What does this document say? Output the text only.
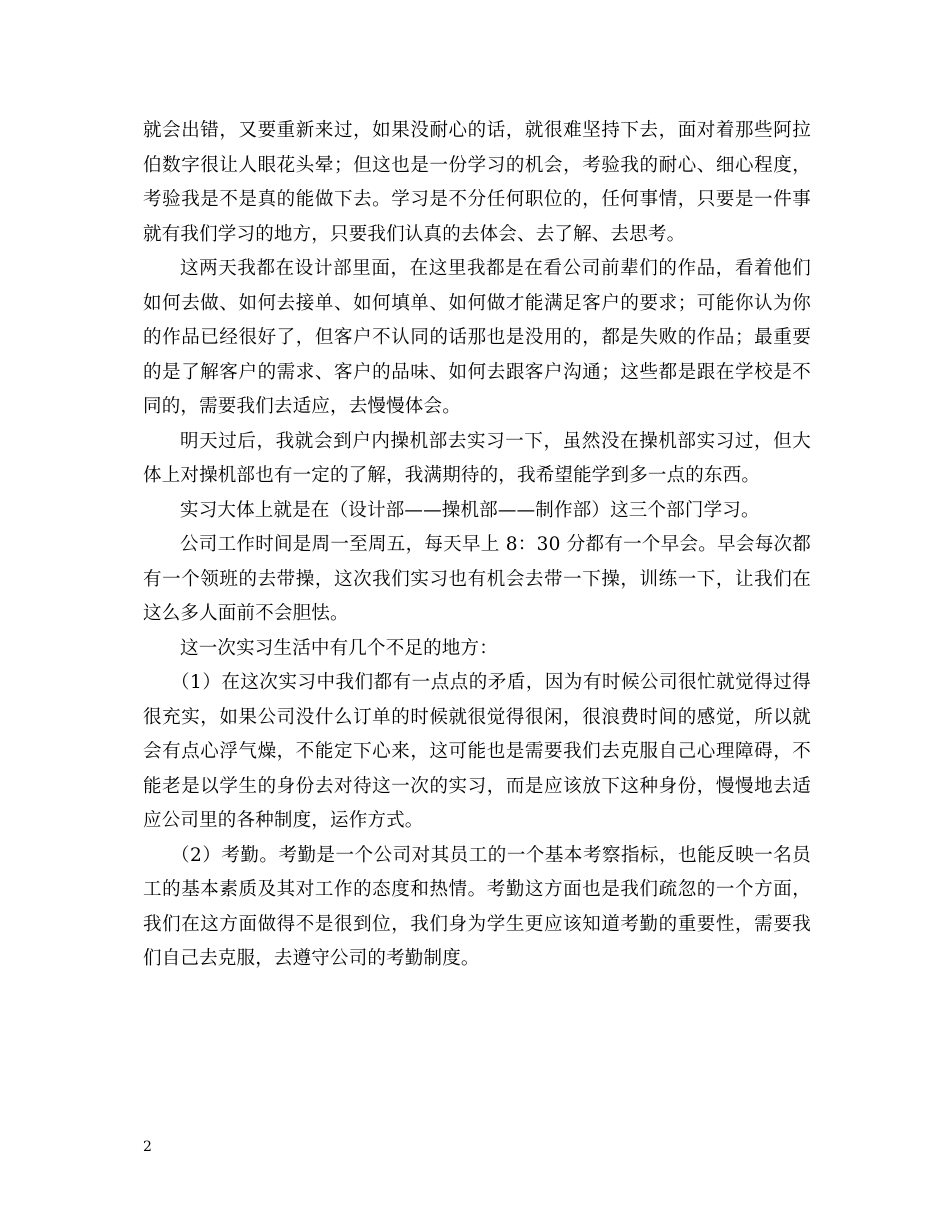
就会出错，又要重新来过，如果没耐心的话，就很难坚持下去，面对着那些阿拉伯数字很让人眼花头晕；但这也是一份学习的机会，考验我的耐心、细心程度，考验我是不是真的能做下去。学习是不分任何职位的，任何事情，只要是一件事就有我们学习的地方，只要我们认真的去体会、去了解、去思考。

这两天我都在设计部里面，在这里我都是在看公司前辈们的作品，看着他们如何去做、如何去接单、如何填单、如何做才能满足客户的要求；可能你认为你的作品已经很好了，但客户不认同的话那也是没用的，都是失败的作品；最重要的是了解客户的需求、客户的品味、如何去跟客户沟通；这些都是跟在学校是不同的，需要我们去适应，去慢慢体会。

明天过后，我就会到户内操机部去实习一下，虽然没在操机部实习过，但大体上对操机部也有一定的了解，我满期待的，我希望能学到多一点的东西。

实习大体上就是在（设计部——操机部——制作部）这三个部门学习。

公司工作时间是周一至周五，每天早上 8：30 分都有一个早会。早会每次都有一个领班的去带操，这次我们实习也有机会去带一下操，训练一下，让我们在这么多人面前不会胆怯。

这一次实习生活中有几个不足的地方：

（1）在这次实习中我们都有一点点的矛盾，因为有时候公司很忙就觉得过得很充实，如果公司没什么订单的时候就很觉得很闲，很浪费时间的感觉，所以就会有点心浮气燥，不能定下心来，这可能也是需要我们去克服自己心理障碍，不能老是以学生的身份去对待这一次的实习，而是应该放下这种身份，慢慢地去适应公司里的各种制度，运作方式。

（2）考勤。考勤是一个公司对其员工的一个基本考察指标，也能反映一名员工的基本素质及其对工作的态度和热情。考勤这方面也是我们疏忽的一个方面，我们在这方面做得不是很到位，我们身为学生更应该知道考勤的重要性，需要我们自己去克服，去遵守公司的考勤制度。

2
